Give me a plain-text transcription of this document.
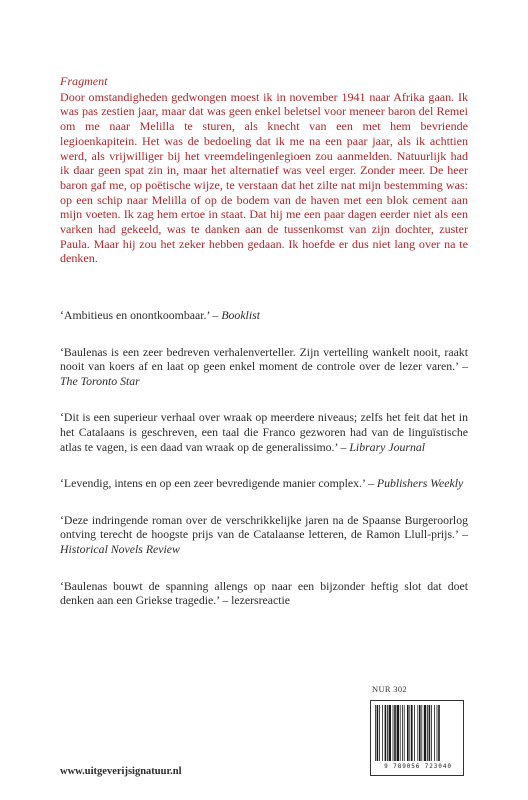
Fragment
Door omstandigheden gedwongen moest ik in november 1941 naar Afrika gaan. Ik was pas zestien jaar, maar dat was geen enkel beletsel voor meneer baron del Remei om me naar Melilla te sturen, als knecht van een met hem bevriende legioenkapitein. Het was de bedoeling dat ik me na een paar jaar, als ik achttien werd, als vrijwilliger bij het vreemdelingenlegioen zou aanmelden. Natuurlijk had ik daar geen spat zin in, maar het alternatief was veel erger. Zonder meer. De heer baron gaf me, op poëtische wijze, te verstaan dat het zilte nat mijn bestemming was: op een schip naar Melilla of op de bodem van de haven met een blok cement aan mijn voeten. Ik zag hem ertoe in staat. Dat hij me een paar dagen eerder niet als een varken had gekeeld, was te danken aan de tussenkomst van zijn dochter, zuster Paula. Maar hij zou het zeker hebben gedaan. Ik hoefde er dus niet lang over na te denken.

‘Ambitieus en onontkoombaar.’ – Booklist

‘Baulenas is een zeer bedreven verhalenverteller. Zijn vertelling wankelt nooit, raakt nooit van koers af en laat op geen enkel moment de controle over de lezer varen.’ – The Toronto Star

‘Dit is een superieur verhaal over wraak op meerdere niveaus; zelfs het feit dat het in het Catalaans is geschreven, een taal die Franco gezworen had van de linguïstische atlas te vagen, is een daad van wraak op de generalissimo.’ – Library Journal

‘Levendig, intens en op een zeer bevredigende manier complex.’ – Publishers Weekly

‘Deze indringende roman over de verschrikkelijke jaren na de Spaanse Burgeroorlog ontving terecht de hoogste prijs van de Catalaanse letteren, de Ramon Llull-prijs.’ – Historical Novels Review

‘Baulenas bouwt de spanning allengs op naar een bijzonder heftig slot dat doet denken aan een Griekse tragedie.’ – lezersreactie

NUR 302
9 789056 723040
www.uitgeverijsignatuur.nl
